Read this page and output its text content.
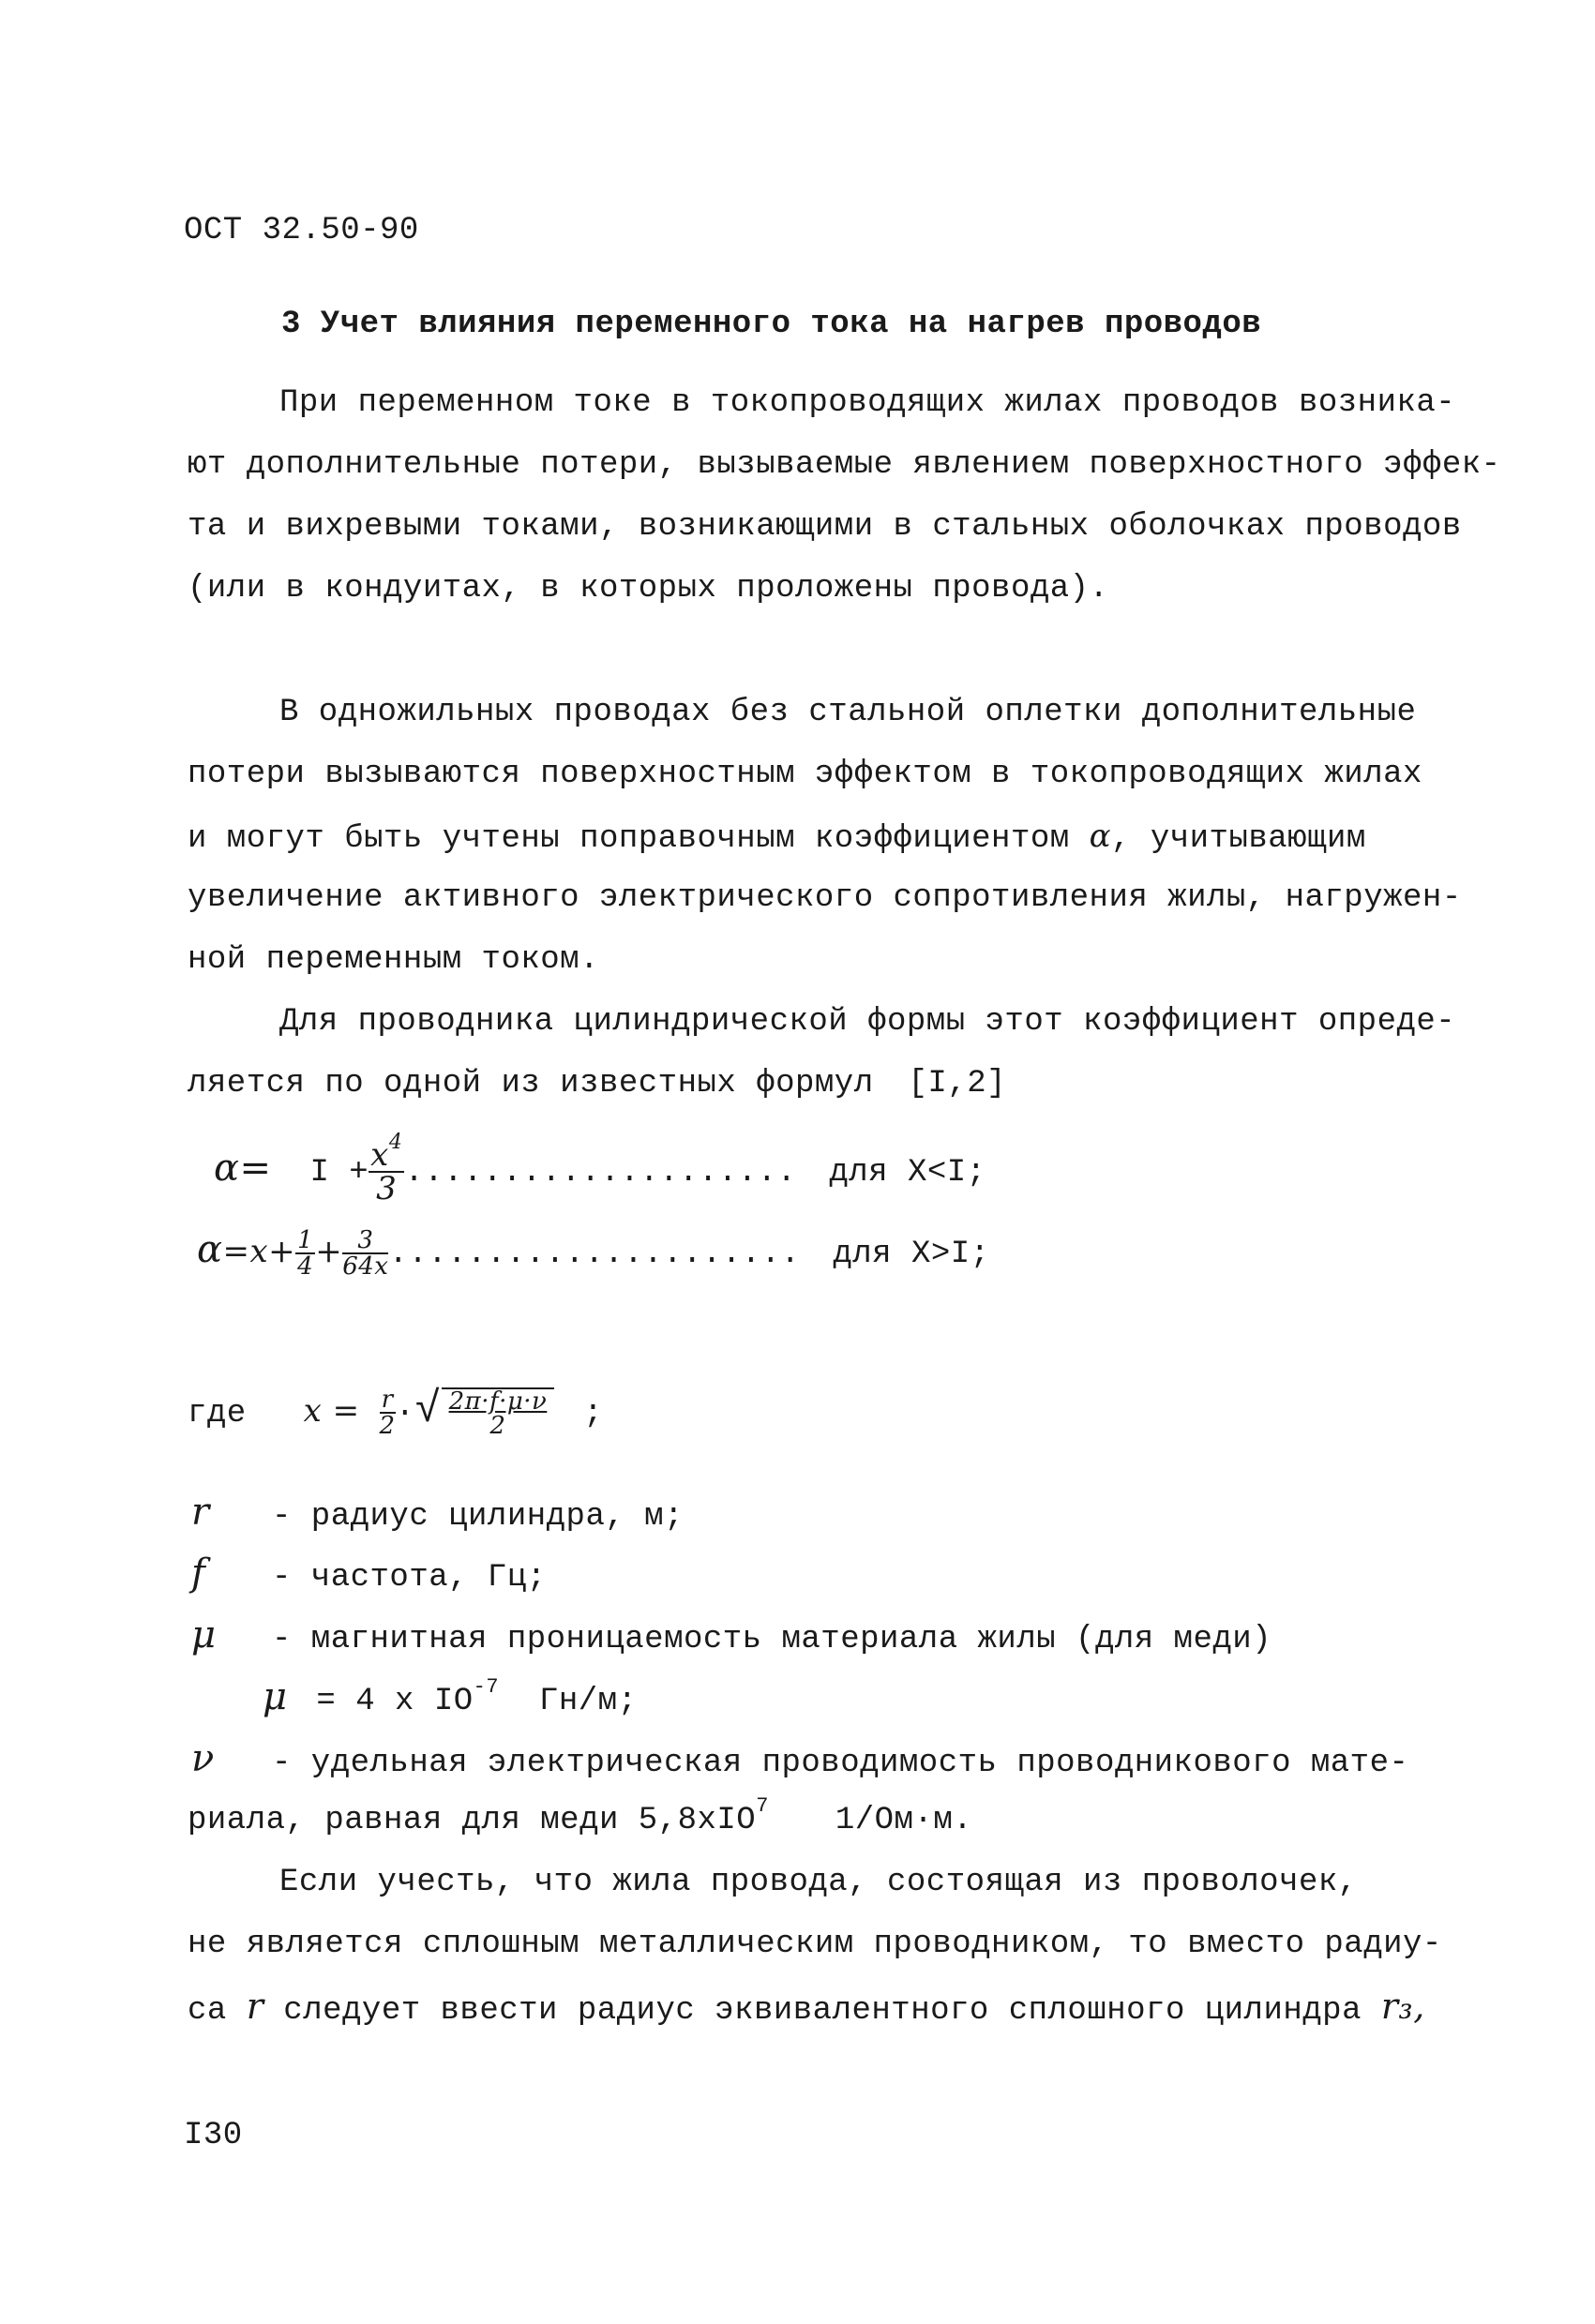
ОСТ 32.50-90
3 Учет влияния переменного тока на нагрев проводов
При переменном токе в токопроводящих жилах проводов возника-
ют дополнительные потери, вызываемые явлением поверхностного эффек-
та и вихревыми токами, возникающими в стальных оболочках проводов
(или в кондуитах, в которых проложены провода).
В одножильных проводах без стальной оплетки дополнительные
потери вызываются поверхностным эффектом в токопроводящих жилах
и могут быть учтены поправочным коэффициентом α, учитывающим
увеличение активного электрического сопротивления жилы, нагружен-
ной переменным током.
Для проводника цилиндрической формы этот коэффициент опреде-
ляется по одной из известных формул [I,2]
$\alpha= I + \frac{x^4}{3}$ .................... для X<I;
$\alpha=x+ \frac{1}{4} + \frac{3}{64x}$ ..................... для X>I;
где $x = \frac{r}{2}$ ·√ $\frac{2\pi\cdot f\cdot\mu\cdot\nu}{2}$ ;
r - радиус цилиндра, м;
f - частота, Гц;
μ - магнитная проницаемость материала жилы (для меди)
μ = 4 х $IO^{-7}$ Гн/м;
ν - удельная электрическая проводимость проводникового мате-
риала, равная для меди 5,8хIO$^7$ 1/Ом·м.
Если учесть, что жила провода, состоящая из проволочек,
не является сплошным металлическим проводником, то вместо радиу-
са r следует ввести радиус эквивалентного сплошного цилиндра r₃,
I30
